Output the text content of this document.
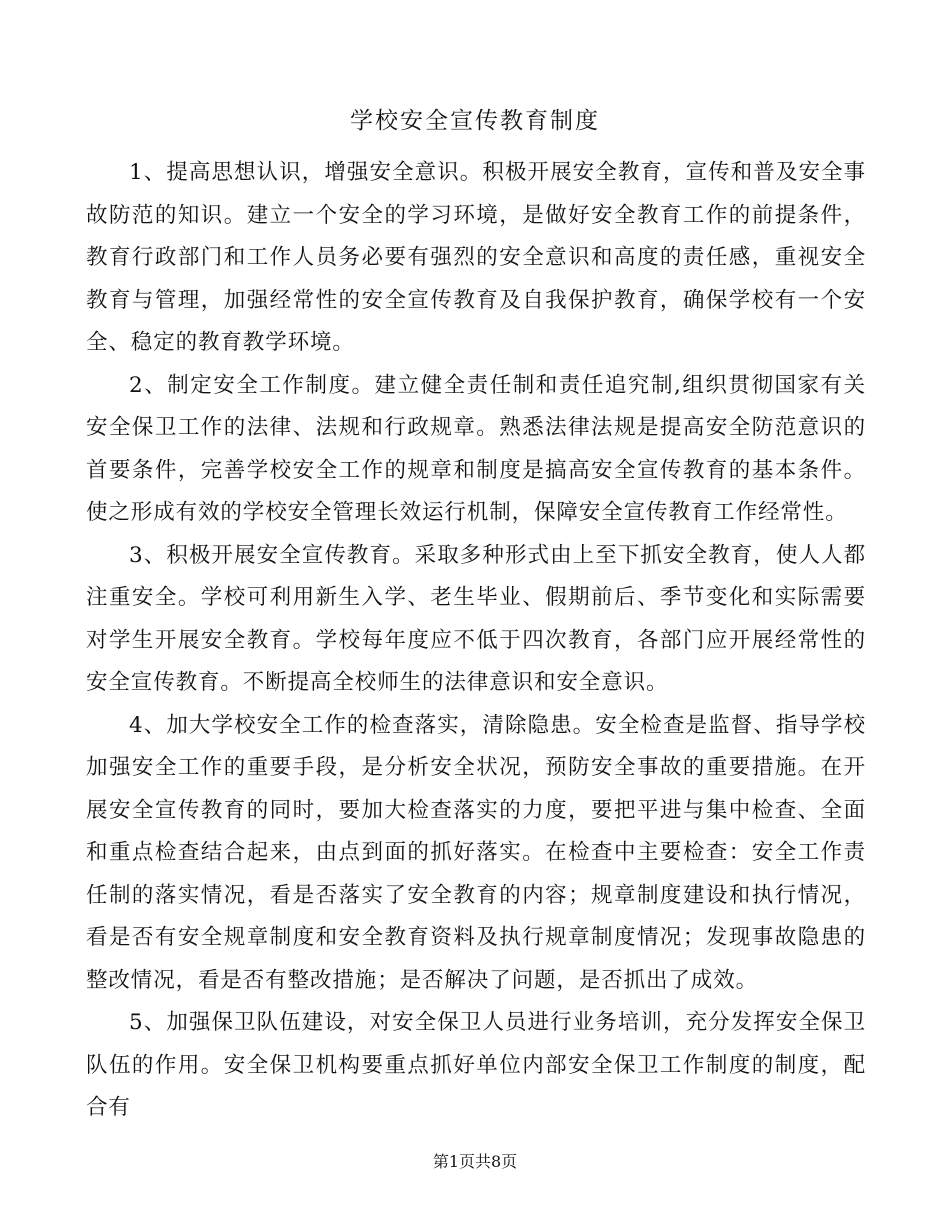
学校安全宣传教育制度

1、提高思想认识，增强安全意识。积极开展安全教育，宣传和普及安全事故防范的知识。建立一个安全的学习环境，是做好安全教育工作的前提条件，教育行政部门和工作人员务必要有强烈的安全意识和高度的责任感，重视安全教育与管理，加强经常性的安全宣传教育及自我保护教育，确保学校有一个安全、稳定的教育教学环境。

2、制定安全工作制度。建立健全责任制和责任追究制,组织贯彻国家有关安全保卫工作的法律、法规和行政规章。熟悉法律法规是提高安全防范意识的首要条件，完善学校安全工作的规章和制度是搞高安全宣传教育的基本条件。使之形成有效的学校安全管理长效运行机制，保障安全宣传教育工作经常性。

3、积极开展安全宣传教育。采取多种形式由上至下抓安全教育，使人人都注重安全。学校可利用新生入学、老生毕业、假期前后、季节变化和实际需要对学生开展安全教育。学校每年度应不低于四次教育，各部门应开展经常性的安全宣传教育。不断提高全校师生的法律意识和安全意识。

4、加大学校安全工作的检查落实，清除隐患。安全检查是监督、指导学校加强安全工作的重要手段，是分析安全状况，预防安全事故的重要措施。在开展安全宣传教育的同时，要加大检查落实的力度，要把平进与集中检查、全面和重点检查结合起来，由点到面的抓好落实。在检查中主要检查：安全工作责任制的落实情况，看是否落实了安全教育的内容；规章制度建设和执行情况，看是否有安全规章制度和安全教育资料及执行规章制度情况；发现事故隐患的整改情况，看是否有整改措施；是否解决了问题，是否抓出了成效。

5、加强保卫队伍建设，对安全保卫人员进行业务培训，充分发挥安全保卫队伍的作用。安全保卫机构要重点抓好单位内部安全保卫工作制度的制度，配合有

第1页共8页
